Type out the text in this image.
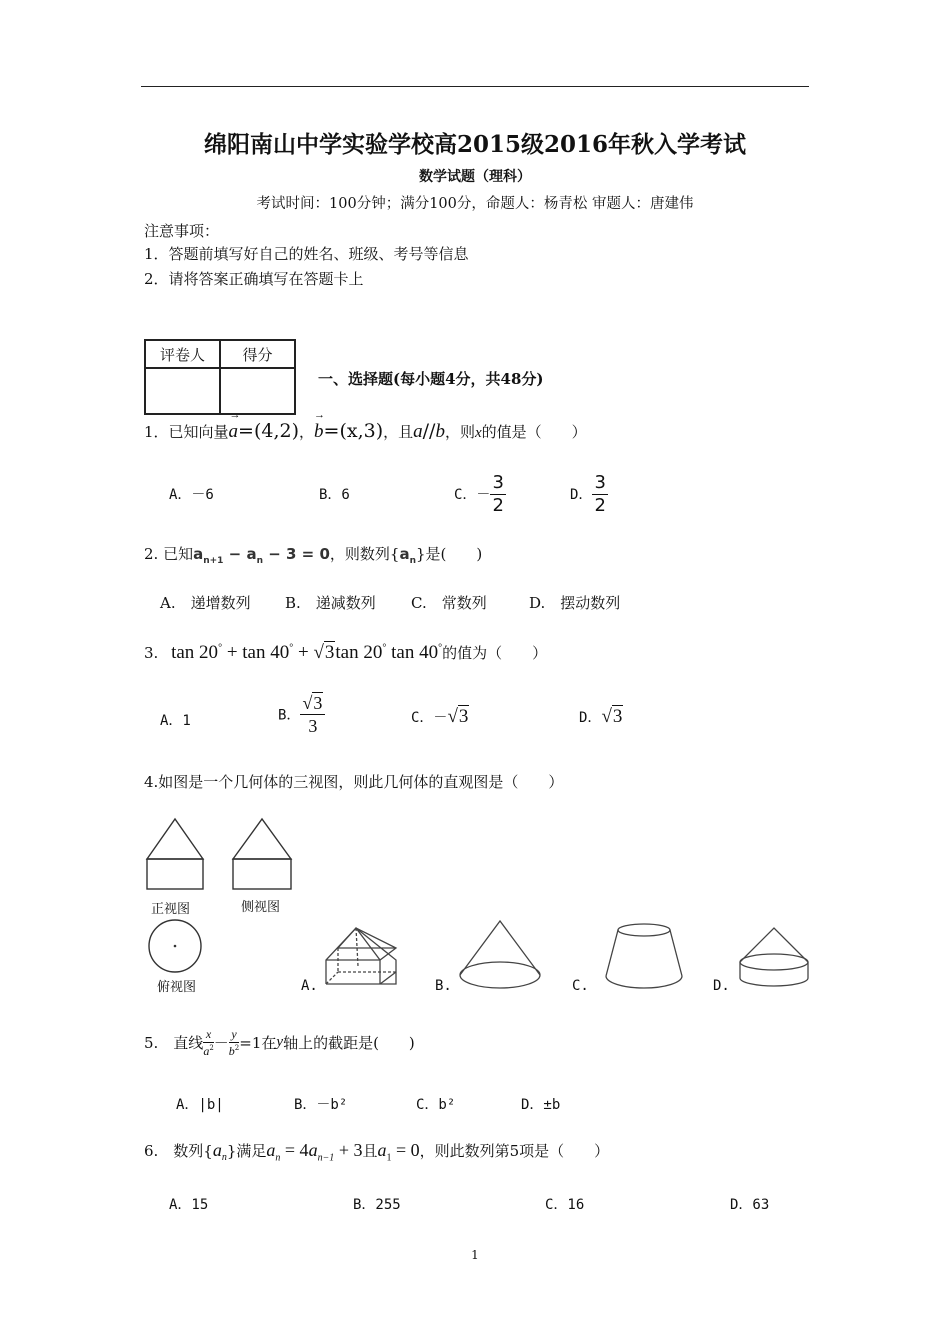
绵阳南山中学实验学校高2015级2016年秋入学考试
数学试题（理科）
考试时间：100分钟；满分100分，命题人：杨青松 审题人：唐建伟
注意事项：
1．答题前填写好自己的姓名、班级、考号等信息
2．请将答案正确填写在答题卡上
评卷人	得分

一、选择题(每小题4分，共48分)
1．已知向量a
→
=(4,2)，b
→
=(x,3)，且a//b，则x的值是（　　）
A．－6	B．6	C．－ $\frac{3}{2}$	D． $\frac{3}{2}$
2. 已知$a_{n+1} - a_n - 3 = 0$，则数列$\{a_n\}$是(　　)
A.　递增数列 B.　递减数列 C.　常数列	D.　摆动数列
3. tan 20° + tan 40° + √3tan 20° tan 40°的值为（　　）
A．1	B． $\frac{√3}{3}$	C．－√3	D．√3
4.如图是一个几何体的三视图，则此几何体的直观图是（　　）
正视图	侧视图
俯视图	A.	B.	C.	D.
5.　直线 $\frac{x}{a^2} - \frac{y}{b^2} =1$在y轴上的截距是(　　)
A．|b|	B．－b²	C．b²	D．±b
6.　数列$\{a_n\}$满足$a_n = 4a_{n-1} + 3$且$a_1 = 0$，则此数列第5项是（　　）
A．15	B．255	C．16	D．63
1
